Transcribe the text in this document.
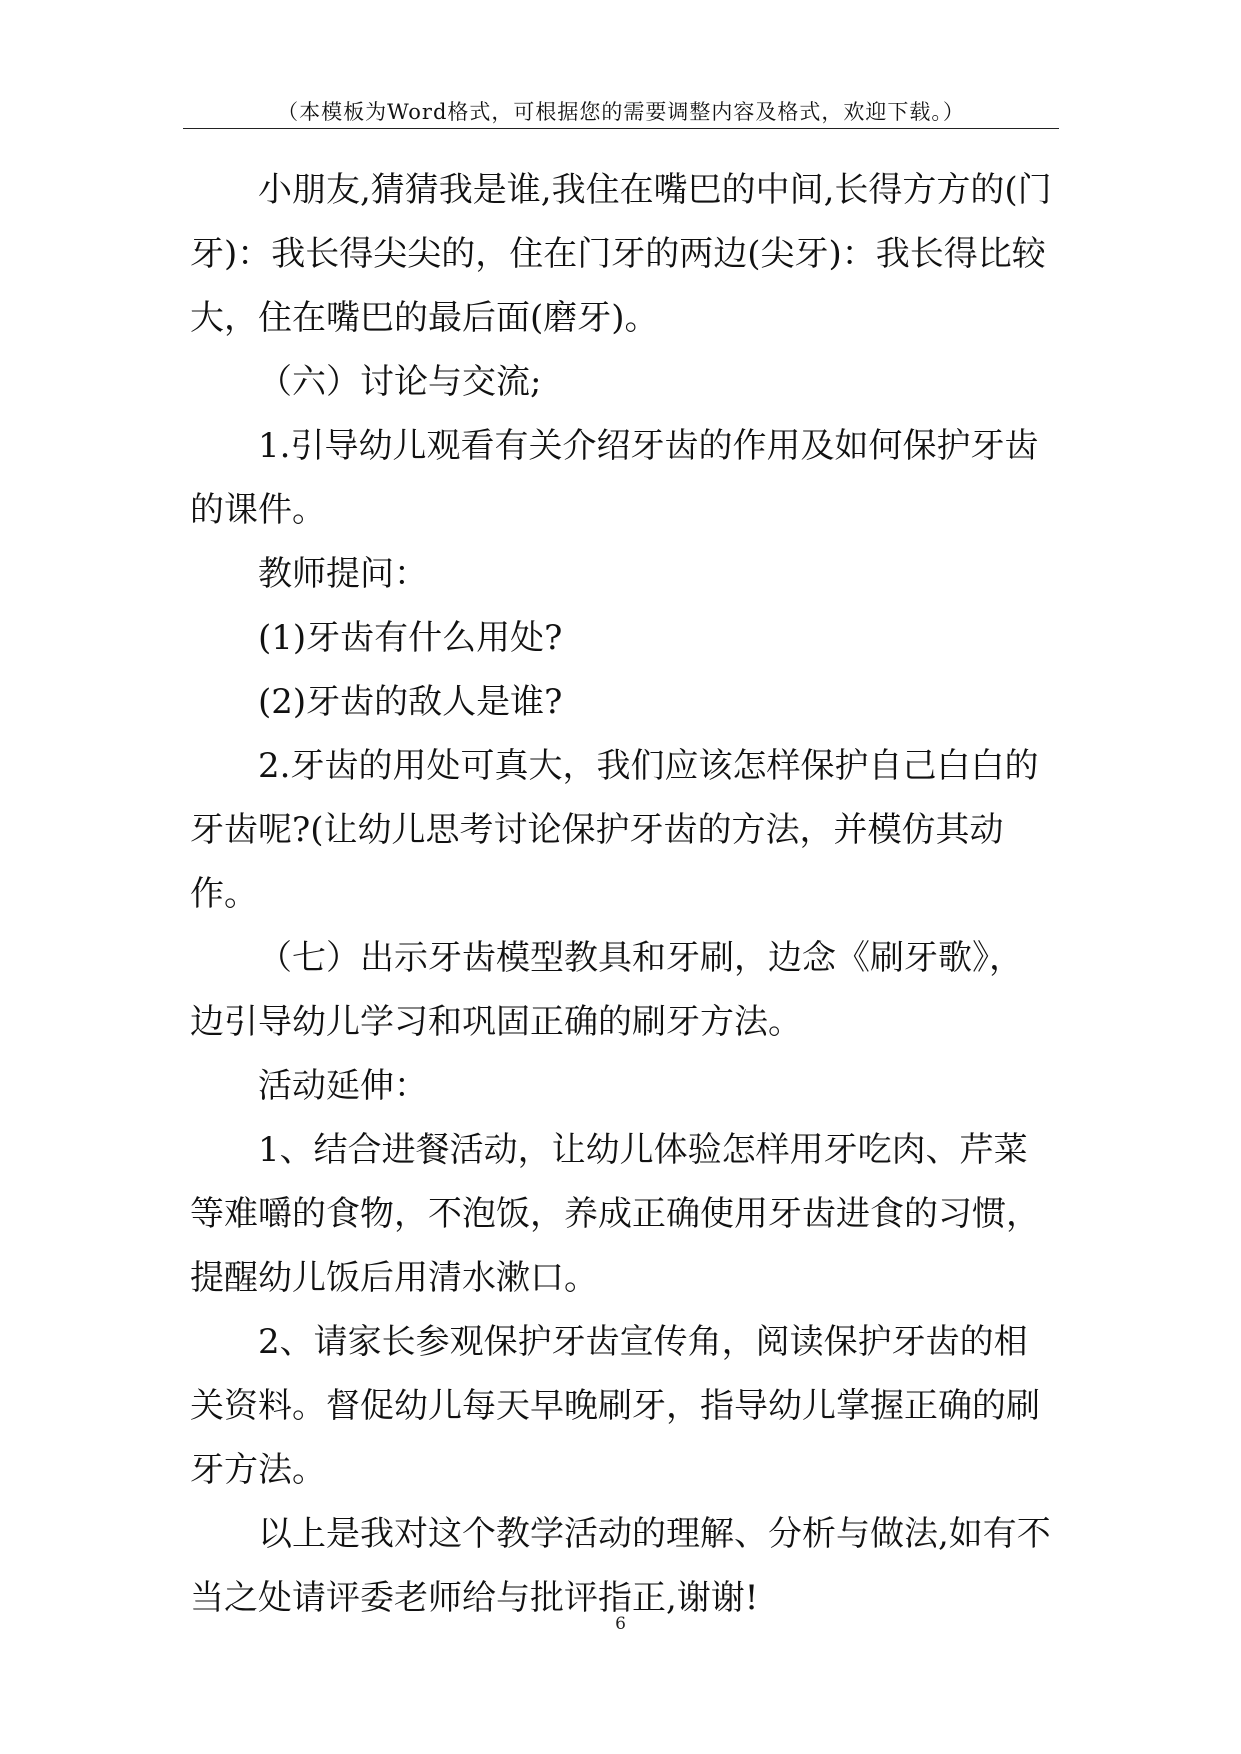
（本模板为Word格式，可根据您的需要调整内容及格式，欢迎下载。）

小朋友,猜猜我是谁,我住在嘴巴的中间,长得方方的(门牙)：我长得尖尖的，住在门牙的两边(尖牙)：我长得比较大，住在嘴巴的最后面(磨牙)。

（六）讨论与交流;

1.引导幼儿观看有关介绍牙齿的作用及如何保护牙齿的课件。

教师提问：

(1)牙齿有什么用处?

(2)牙齿的敌人是谁?

2.牙齿的用处可真大，我们应该怎样保护自己白白的牙齿呢?(让幼儿思考讨论保护牙齿的方法，并模仿其动作。

（七）出示牙齿模型教具和牙刷，边念《刷牙歌》，边引导幼儿学习和巩固正确的刷牙方法。

活动延伸：

1、结合进餐活动，让幼儿体验怎样用牙吃肉、芹菜等难嚼的食物，不泡饭，养成正确使用牙齿进食的习惯，提醒幼儿饭后用清水漱口。

2、请家长参观保护牙齿宣传角，阅读保护牙齿的相关资料。督促幼儿每天早晚刷牙，指导幼儿掌握正确的刷牙方法。

以上是我对这个教学活动的理解、分析与做法,如有不当之处请评委老师给与批评指正,谢谢!

6
